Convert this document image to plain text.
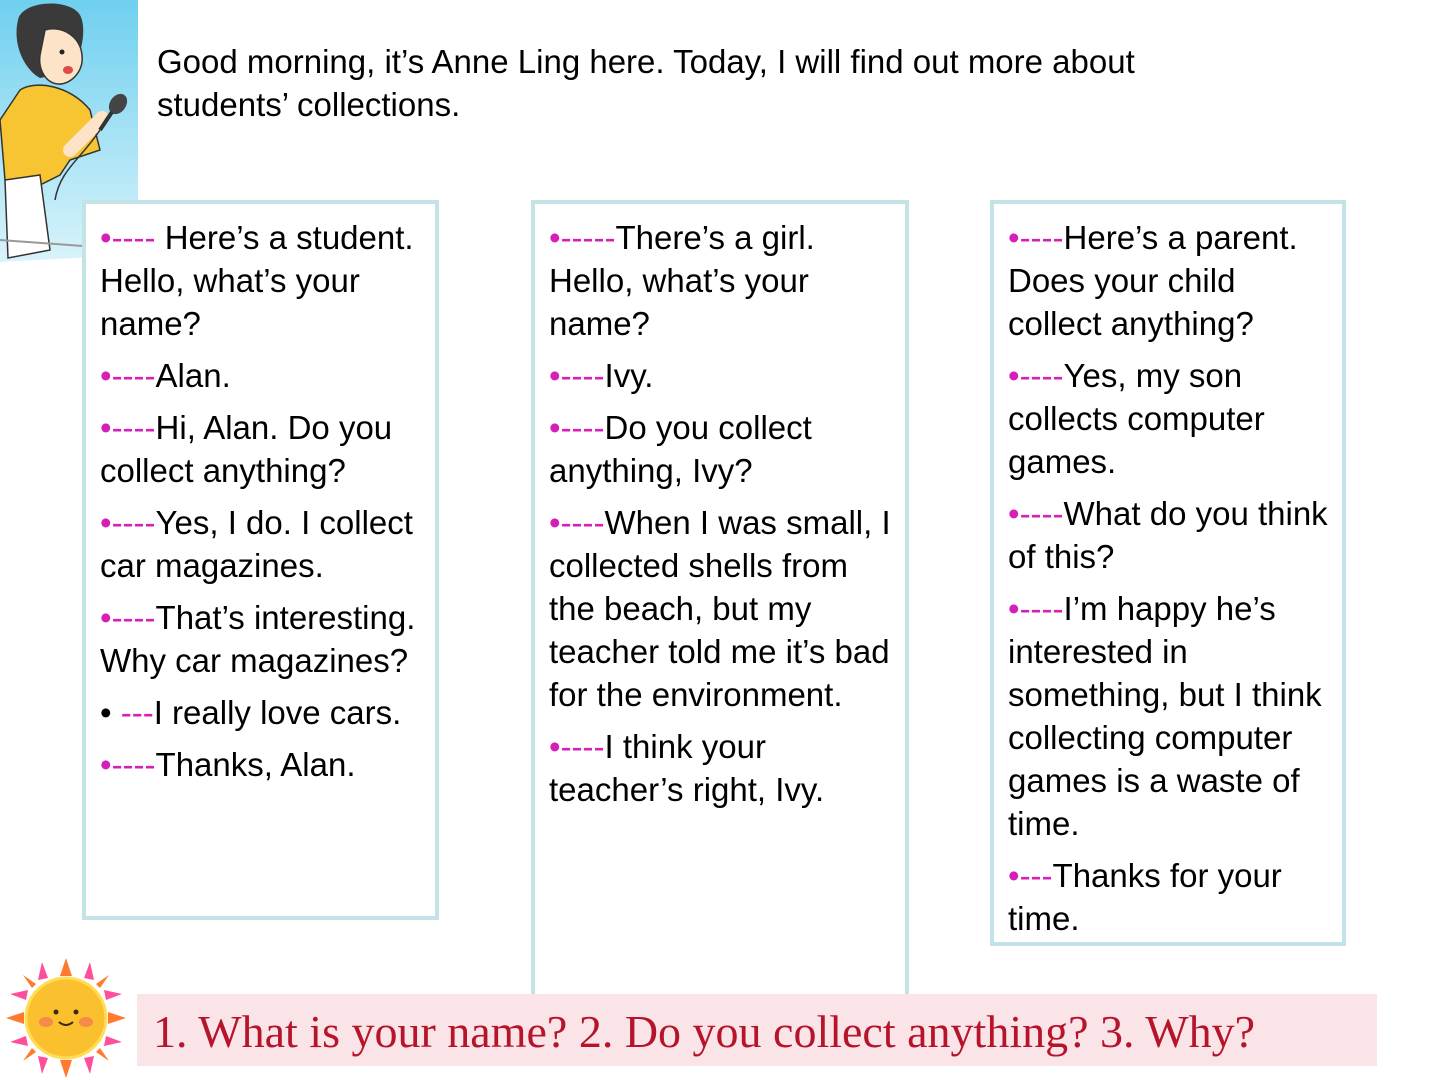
Good morning, it’s Anne Ling here. Today, I will find out more about
students’ collections.

•---- Here’s a student. Hello, what’s your name?

•----Alan.

•----Hi, Alan. Do you collect anything?

•----Yes, I do. I collect car magazines.

•----That’s interesting. Why car magazines?

• ---I really love cars.

•----Thanks, Alan.

•-----There’s a girl. Hello, what’s your name?

•----Ivy.

•----Do you collect anything, Ivy?

•----When I was small, I collected shells from the beach, but my teacher told me it’s bad for the environment.

•----I think your teacher’s right, Ivy.

•----Here’s a parent. Does your child collect anything?

•----Yes, my son collects computer games.

•----What do you think of this?

•----I’m happy he’s interested in something, but I think collecting computer games is a waste of time.

•---Thanks for your time.

1. What is your name? 2. Do you collect anything? 3. Why?
